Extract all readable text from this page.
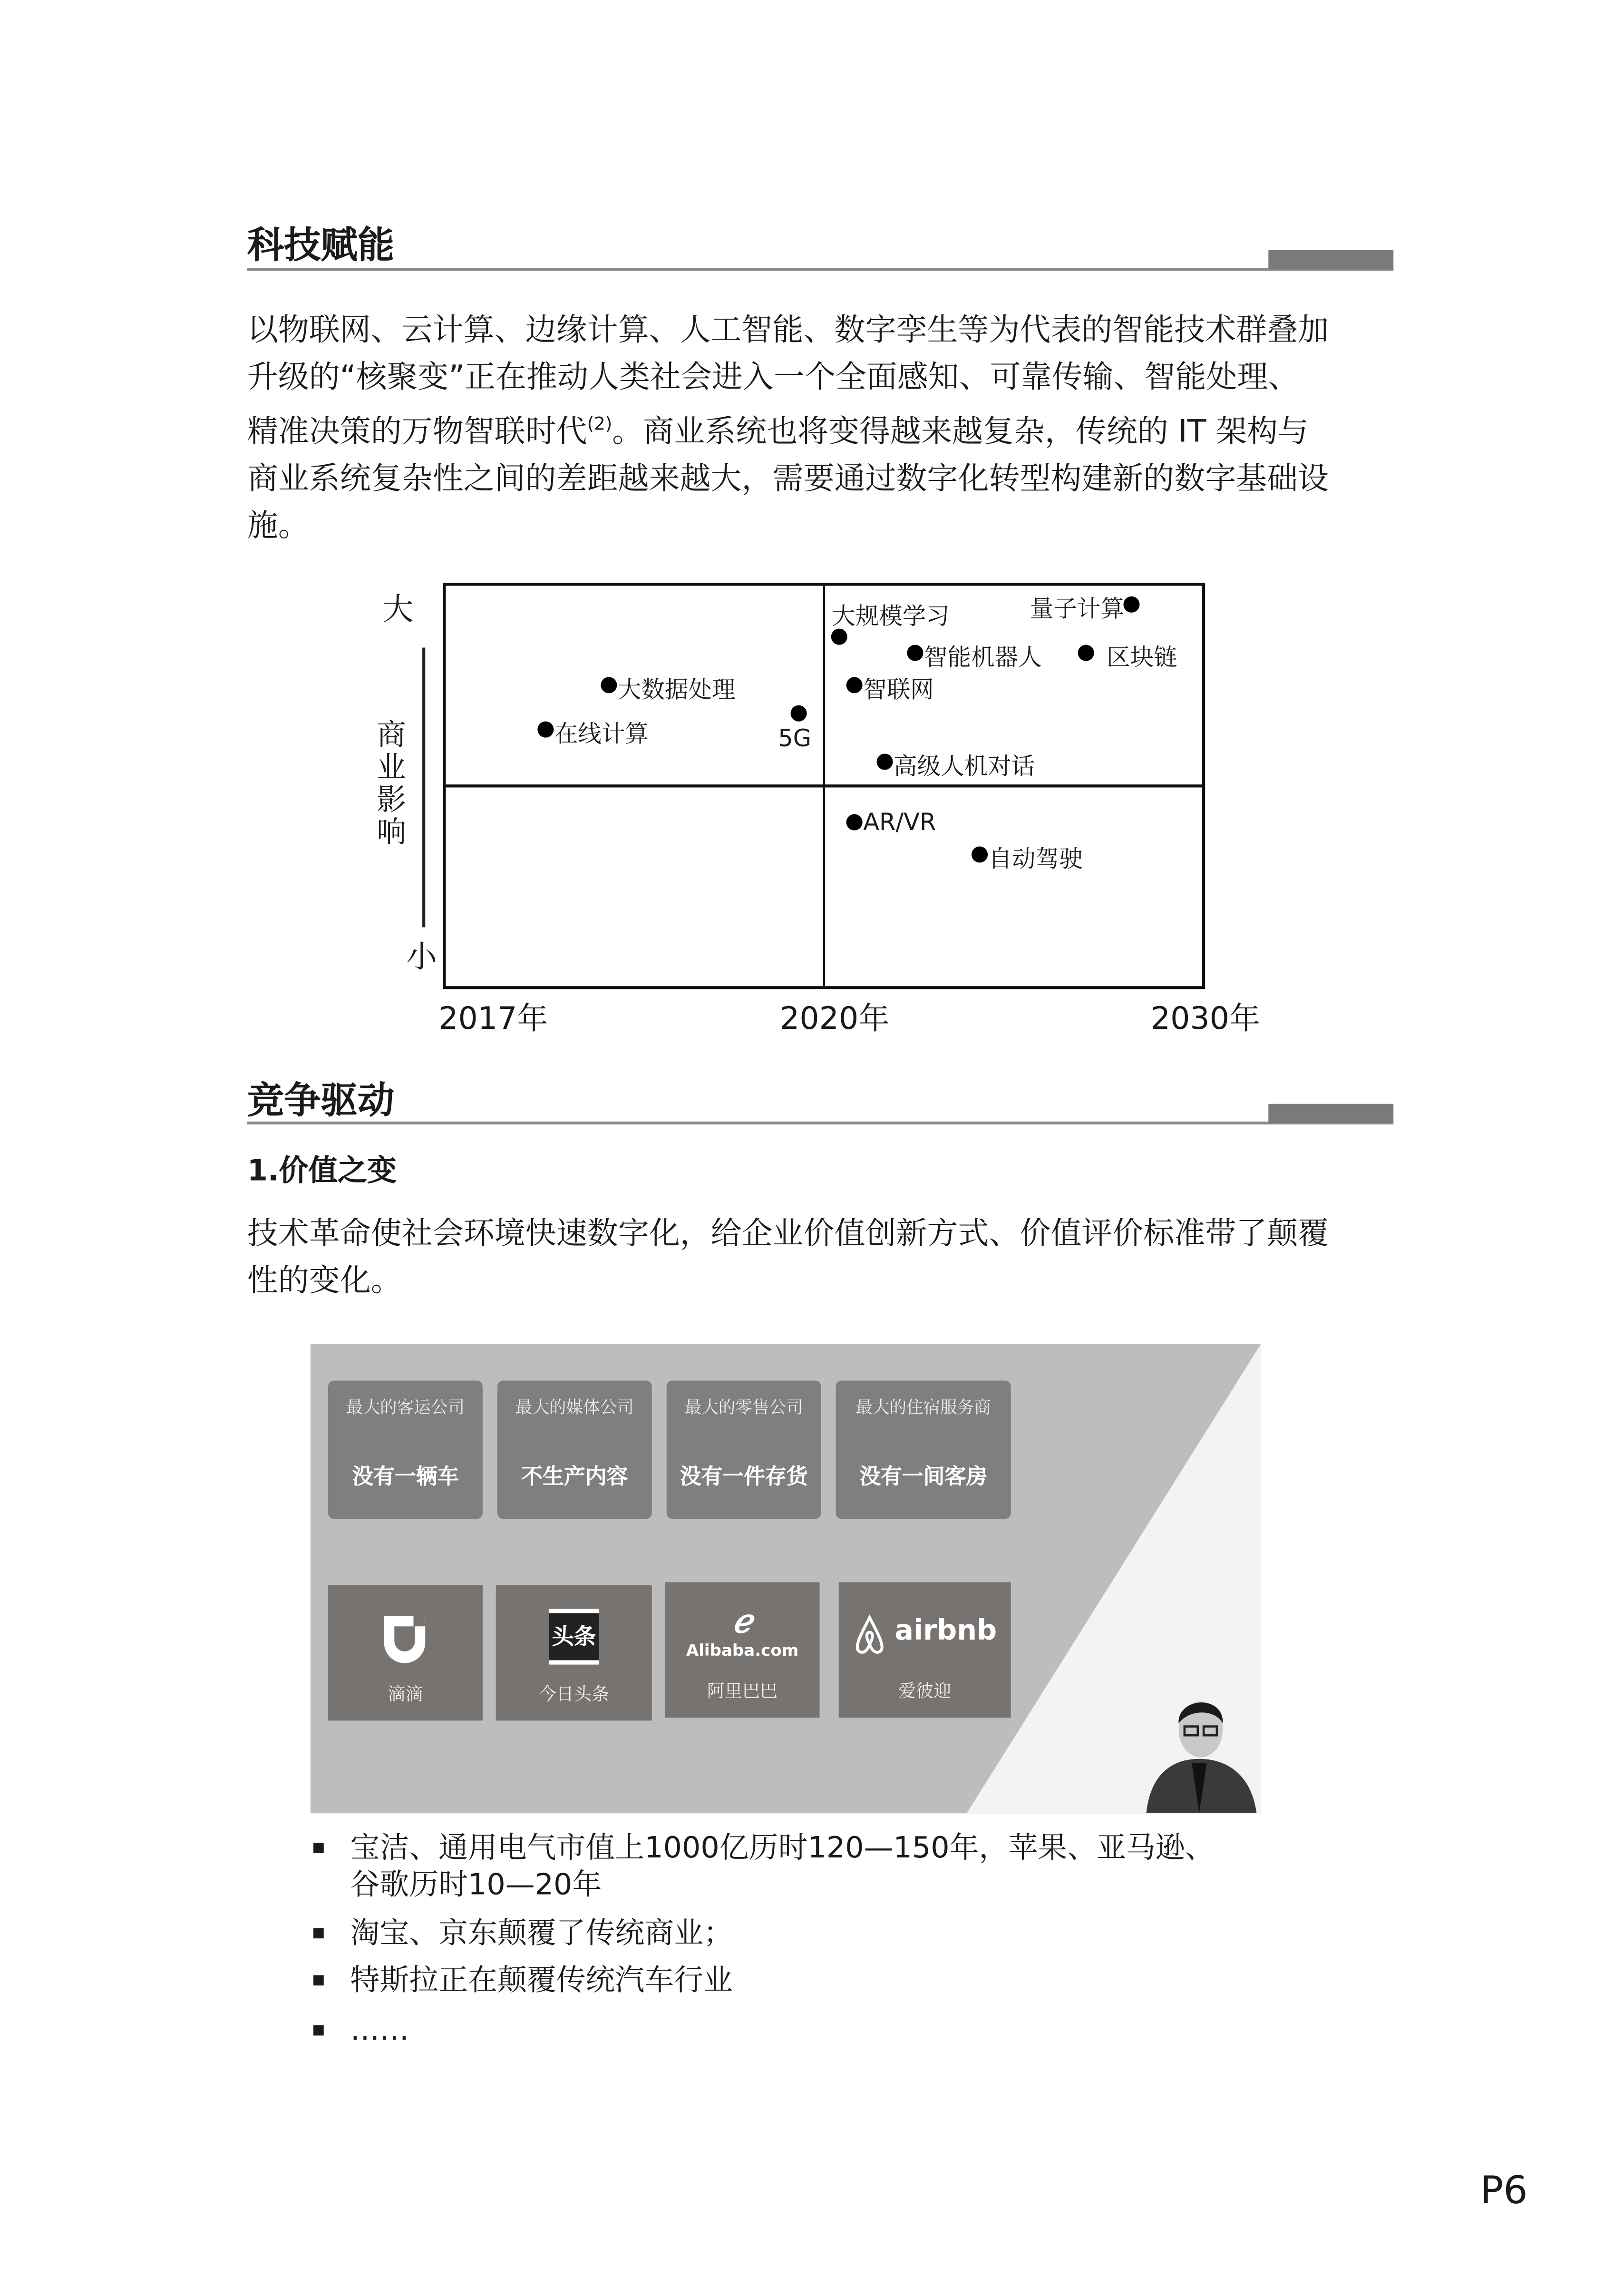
科技赋能
以物联网、云计算、边缘计算、人工智能、数字孪生等为代表的智能技术群叠加
升级的“核聚变”正在推动人类社会进入一个全面感知、可靠传输、智能处理、
精准决策的万物智联时代$^{(2)}$。商业系统也将变得越来越复杂，传统的 IT 架构与
商业系统复杂性之间的差距越来越大，需要通过数字化转型构建新的数字基础设
施。
大
小
商业影响
大数据处理
在线计算	5G
大规模学习	量子计算
智能机器人	区块链
智联网
高级人机对话
AR/VR
自动驾驶
2017年	2020年	2030年
竞争驱动
1.价值之变
技术革命使社会环境快速数字化，给企业价值创新方式、价值评价标准带了颠覆
性的变化。
最大的客运公司
没有一辆车
最大的媒体公司
不生产内容
最大的零售公司
没有一件存货
最大的住宿服务商
没有一间客房
滴滴
头条
今日头条
ℯ
Alibaba.com
阿里巴巴
airbnb
爱彼迎
宝洁、通用电气市值上1000亿历时120—150年，苹果、亚马逊、
谷歌历时10—20年
淘宝、京东颠覆了传统商业；
特斯拉正在颠覆传统汽车行业
……
P6
